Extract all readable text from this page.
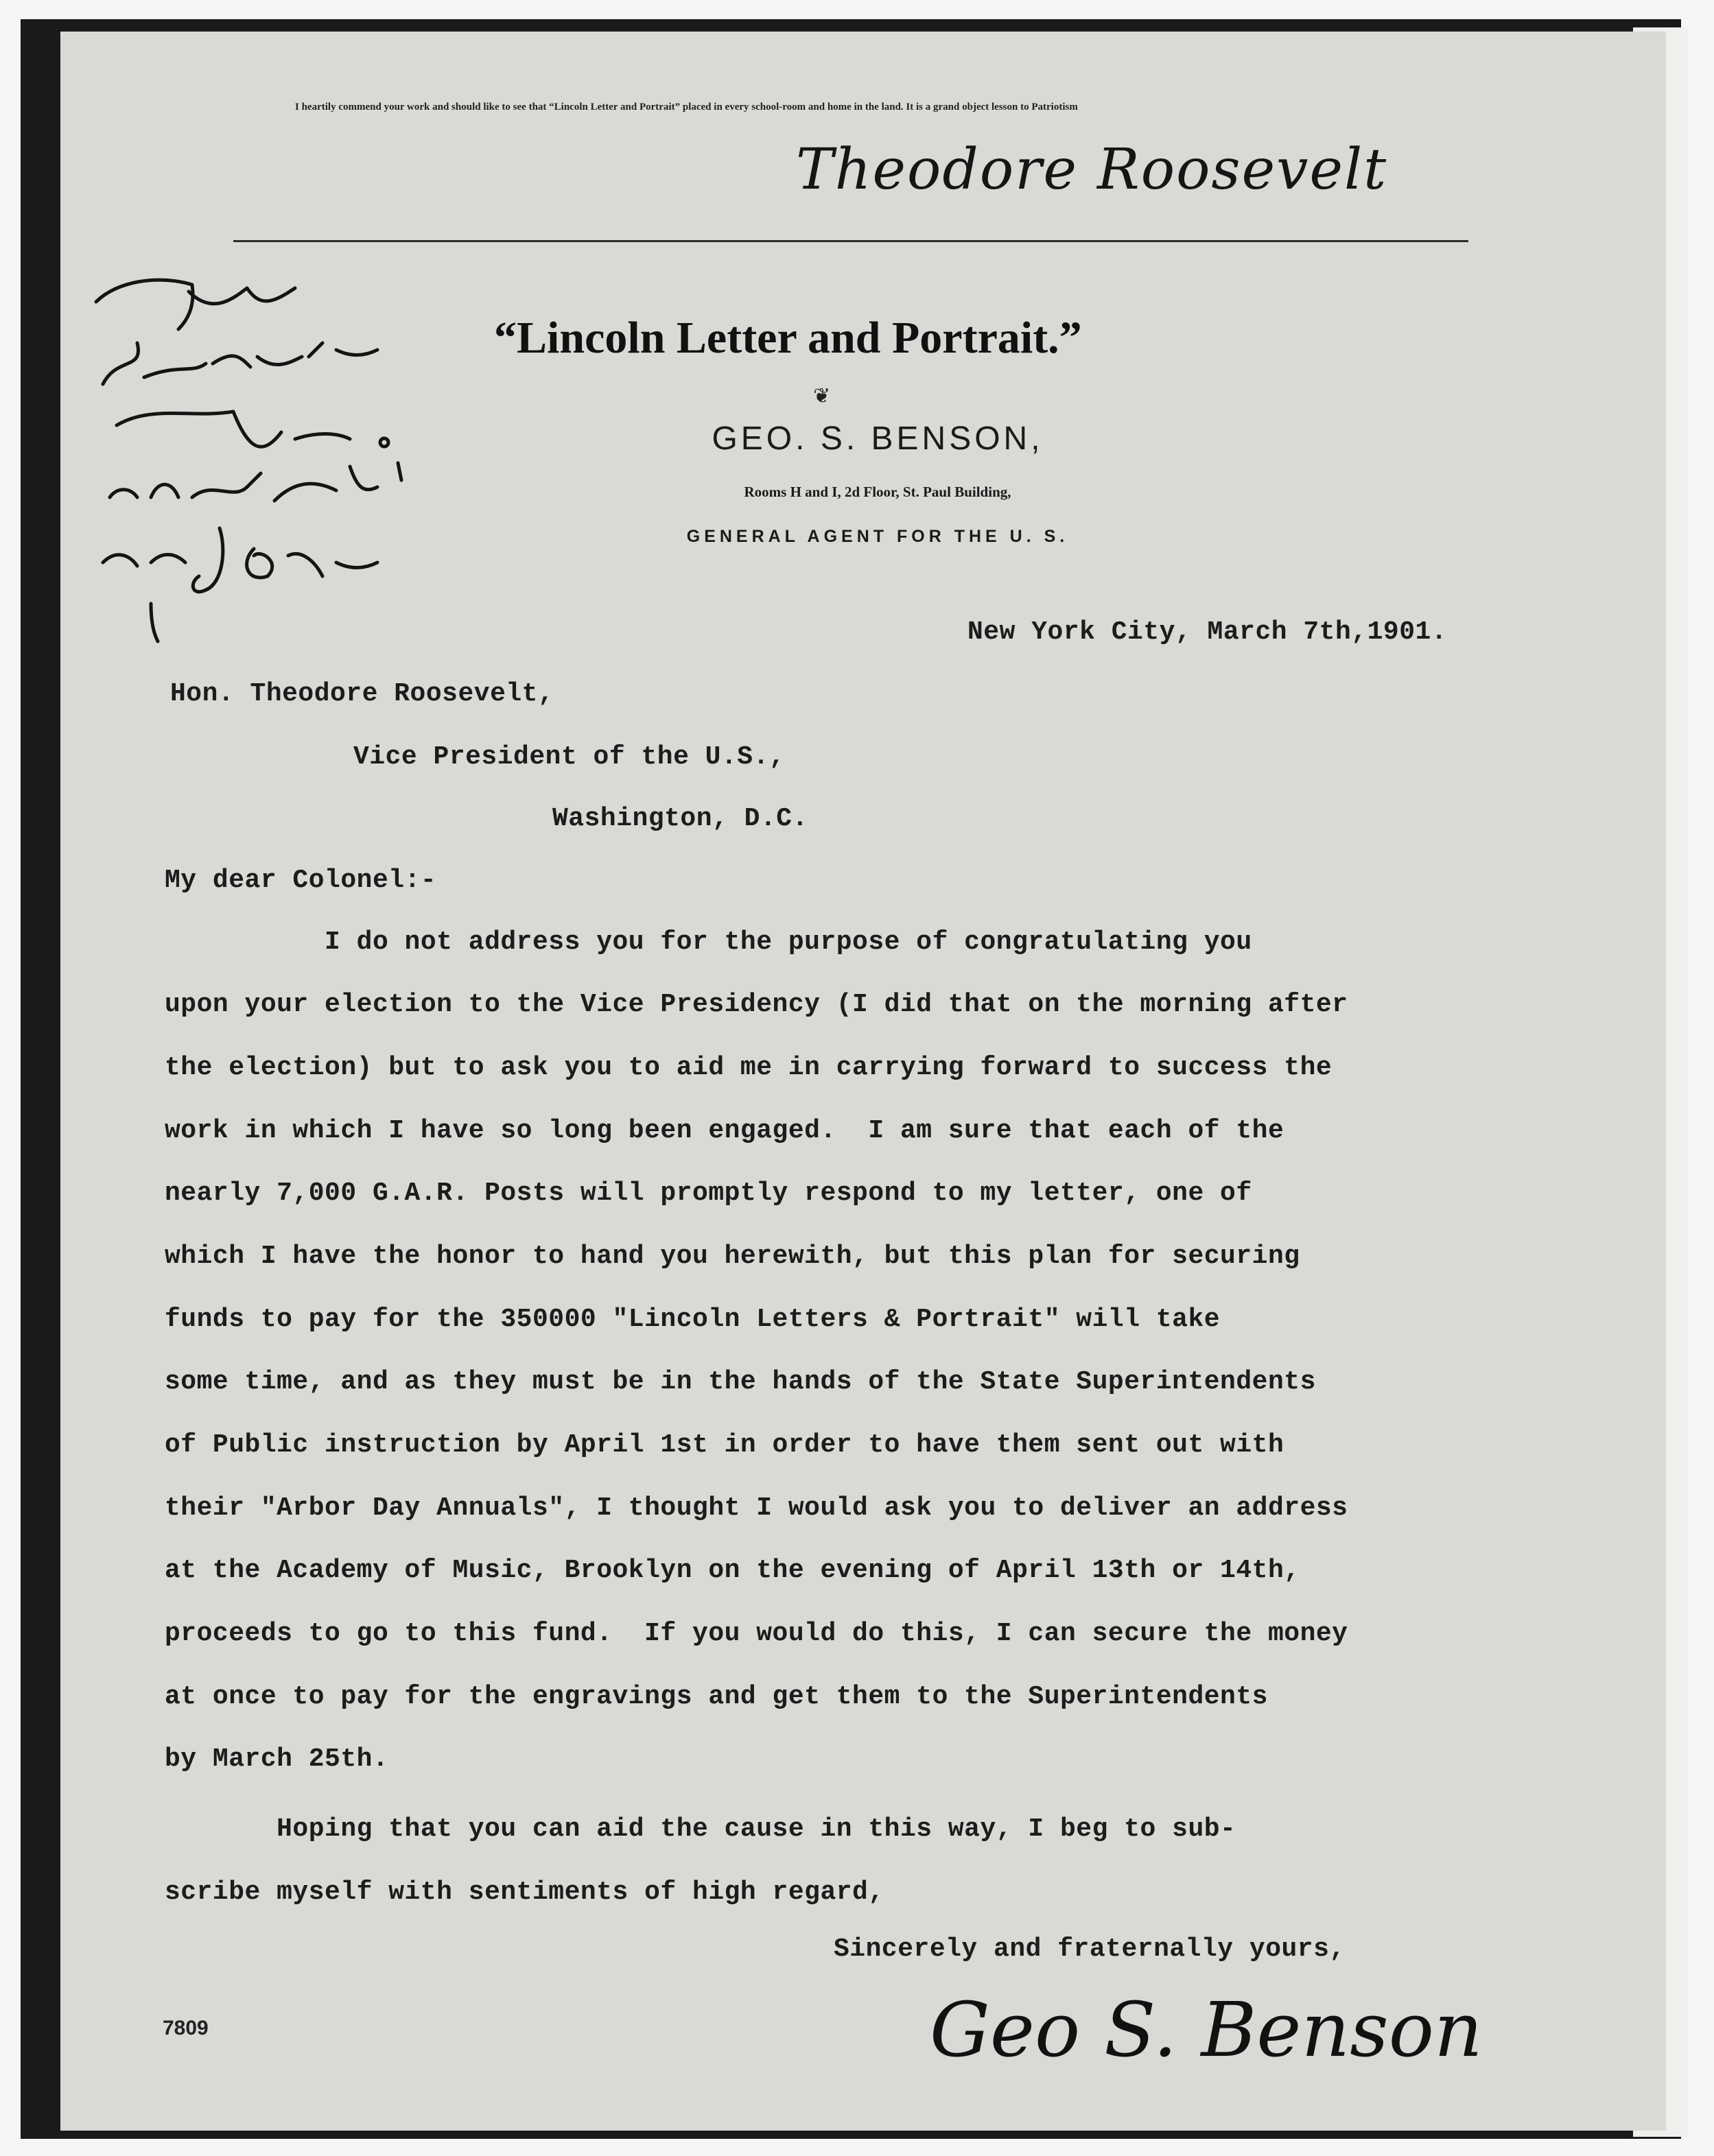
I heartily commend your work and should like to see that “Lincoln Letter and Portrait” placed in every school-room and home in the land. It is a grand object lesson to Patriotism
Theodore Roosevelt
“Lincoln Letter and Portrait.”
❦
GEO. S. BENSON,
Rooms H and I, 2d Floor, St. Paul Building,
GENERAL AGENT FOR THE U. S.
New York City, March 7th,1901.
Hon. Theodore Roosevelt,
Vice President of the U.S.,
Washington, D.C.
My dear Colonel:-
I do not address you for the purpose of congratulating you
upon your election to the Vice Presidency (I did that on the morning after
the election) but to ask you to aid me in carrying forward to success the
work in which I have so long been engaged.  I am sure that each of the
nearly 7,000 G.A.R. Posts will promptly respond to my letter, one of
which I have the honor to hand you herewith, but this plan for securing
funds to pay for the 350000 "Lincoln Letters & Portrait" will take
some time, and as they must be in the hands of the State Superintendents
of Public instruction by April 1st in order to have them sent out with
their "Arbor Day Annuals", I thought I would ask you to deliver an address
at the Academy of Music, Brooklyn on the evening of April 13th or 14th,
proceeds to go to this fund.  If you would do this, I can secure the money
at once to pay for the engravings and get them to the Superintendents
by March 25th.
Hoping that you can aid the cause in this way, I beg to sub-
scribe myself with sentiments of high regard,
Sincerely and fraternally yours,
Geo S. Benson
7809
